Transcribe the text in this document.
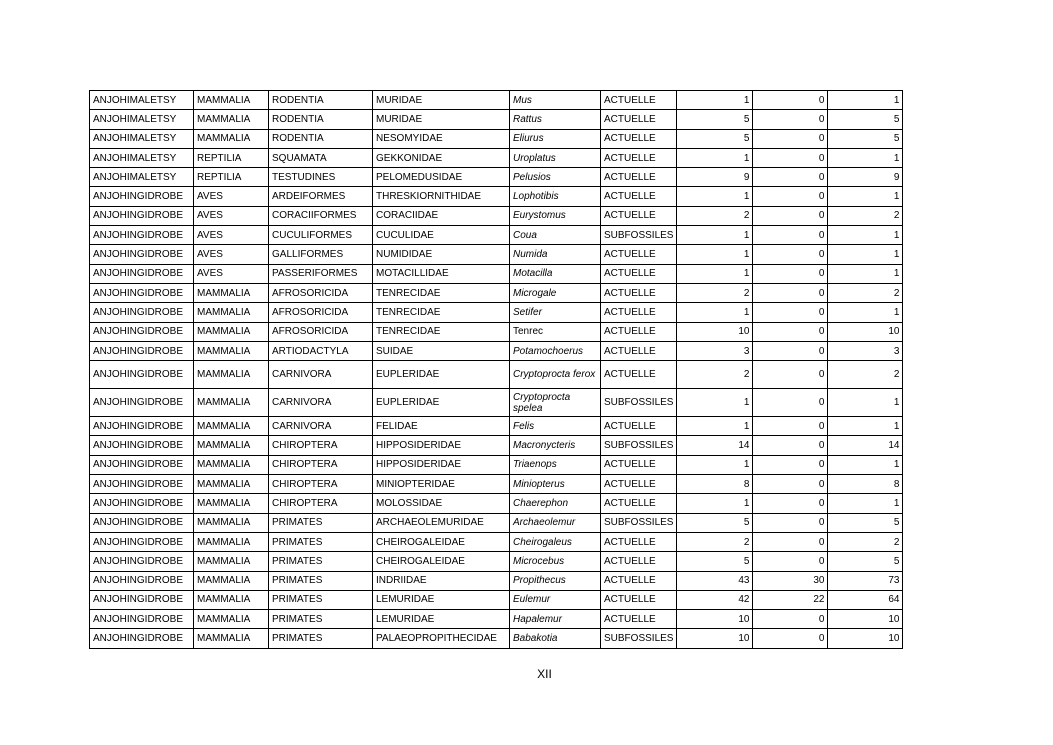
ANJOHIMALETSY	MAMMALIA	RODENTIA	MURIDAE	Mus	ACTUELLE	1	0	1
ANJOHIMALETSY	MAMMALIA	RODENTIA	MURIDAE	Rattus	ACTUELLE	5	0	5
ANJOHIMALETSY	MAMMALIA	RODENTIA	NESOMYIDAE	Eliurus	ACTUELLE	5	0	5
ANJOHIMALETSY	REPTILIA	SQUAMATA	GEKKONIDAE	Uroplatus	ACTUELLE	1	0	1
ANJOHIMALETSY	REPTILIA	TESTUDINES	PELOMEDUSIDAE	Pelusios	ACTUELLE	9	0	9
ANJOHINGIDROBE	AVES	ARDEIFORMES	THRESKIORNITHIDAE	Lophotibis	ACTUELLE	1	0	1
ANJOHINGIDROBE	AVES	CORACIIFORMES	CORACIIDAE	Eurystomus	ACTUELLE	2	0	2
ANJOHINGIDROBE	AVES	CUCULIFORMES	CUCULIDAE	Coua	SUBFOSSILES	1	0	1
ANJOHINGIDROBE	AVES	GALLIFORMES	NUMIDIDAE	Numida	ACTUELLE	1	0	1
ANJOHINGIDROBE	AVES	PASSERIFORMES	MOTACILLIDAE	Motacilla	ACTUELLE	1	0	1
ANJOHINGIDROBE	MAMMALIA	AFROSORICIDA	TENRECIDAE	Microgale	ACTUELLE	2	0	2
ANJOHINGIDROBE	MAMMALIA	AFROSORICIDA	TENRECIDAE	Setifer	ACTUELLE	1	0	1
ANJOHINGIDROBE	MAMMALIA	AFROSORICIDA	TENRECIDAE	Tenrec	ACTUELLE	10	0	10
ANJOHINGIDROBE	MAMMALIA	ARTIODACTYLA	SUIDAE	Potamochoerus	ACTUELLE	3	0	3
ANJOHINGIDROBE	MAMMALIA	CARNIVORA	EUPLERIDAE	Cryptoprocta ferox	ACTUELLE	2	0	2
ANJOHINGIDROBE	MAMMALIA	CARNIVORA	EUPLERIDAE	Cryptoprocta spelea	SUBFOSSILES	1	0	1
ANJOHINGIDROBE	MAMMALIA	CARNIVORA	FELIDAE	Felis	ACTUELLE	1	0	1
ANJOHINGIDROBE	MAMMALIA	CHIROPTERA	HIPPOSIDERIDAE	Macronycteris	SUBFOSSILES	14	0	14
ANJOHINGIDROBE	MAMMALIA	CHIROPTERA	HIPPOSIDERIDAE	Triaenops	ACTUELLE	1	0	1
ANJOHINGIDROBE	MAMMALIA	CHIROPTERA	MINIOPTERIDAE	Miniopterus	ACTUELLE	8	0	8
ANJOHINGIDROBE	MAMMALIA	CHIROPTERA	MOLOSSIDAE	Chaerephon	ACTUELLE	1	0	1
ANJOHINGIDROBE	MAMMALIA	PRIMATES	ARCHAEOLEMURIDAE	Archaeolemur	SUBFOSSILES	5	0	5
ANJOHINGIDROBE	MAMMALIA	PRIMATES	CHEIROGALEIDAE	Cheirogaleus	ACTUELLE	2	0	2
ANJOHINGIDROBE	MAMMALIA	PRIMATES	CHEIROGALEIDAE	Microcebus	ACTUELLE	5	0	5
ANJOHINGIDROBE	MAMMALIA	PRIMATES	INDRIIDAE	Propithecus	ACTUELLE	43	30	73
ANJOHINGIDROBE	MAMMALIA	PRIMATES	LEMURIDAE	Eulemur	ACTUELLE	42	22	64
ANJOHINGIDROBE	MAMMALIA	PRIMATES	LEMURIDAE	Hapalemur	ACTUELLE	10	0	10
ANJOHINGIDROBE	MAMMALIA	PRIMATES	PALAEOPROPITHECIDAE	Babakotia	SUBFOSSILES	10	0	10
XII
